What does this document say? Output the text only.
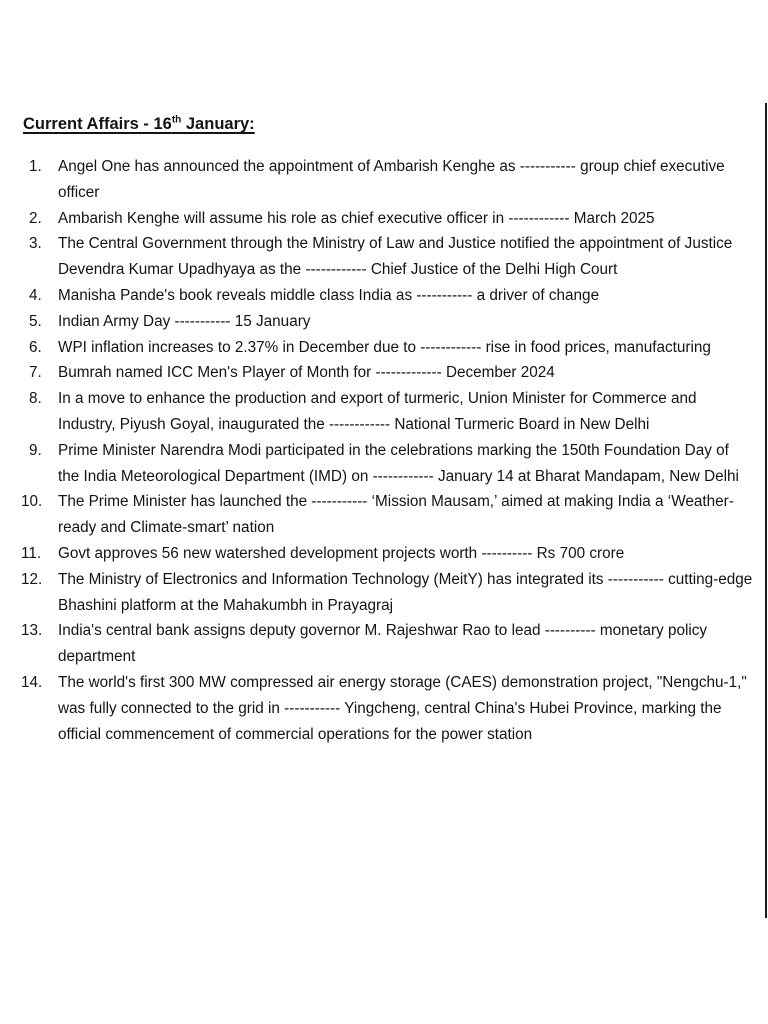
Current Affairs - 16th January:
1. Angel One has announced the appointment of Ambarish Kenghe as ----------- group chief executive officer
2. Ambarish Kenghe will assume his role as chief executive officer in ------------ March 2025
3. The Central Government through the Ministry of Law and Justice notified the appointment of Justice Devendra Kumar Upadhyaya as the ------------ Chief Justice of the Delhi High Court
4. Manisha Pande's book reveals middle class India as ----------- a driver of change
5. Indian Army Day ----------- 15 January
6. WPI inflation increases to 2.37% in December due to ------------ rise in food prices, manufacturing
7. Bumrah named ICC Men's Player of Month for ------------- December 2024
8. In a move to enhance the production and export of turmeric, Union Minister for Commerce and Industry, Piyush Goyal, inaugurated the ------------ National Turmeric Board in New Delhi
9. Prime Minister Narendra Modi participated in the celebrations marking the 150th Foundation Day of the India Meteorological Department (IMD) on ------------ January 14 at Bharat Mandapam, New Delhi
10. The Prime Minister has launched the ----------- ‘Mission Mausam,’ aimed at making India a ‘Weather-ready and Climate-smart’ nation
11. Govt approves 56 new watershed development projects worth ---------- Rs 700 crore
12. The Ministry of Electronics and Information Technology (MeitY) has integrated its ----------- cutting-edge Bhashini platform at the Mahakumbh in Prayagraj
13. India's central bank assigns deputy governor M. Rajeshwar Rao to lead ---------- monetary policy department
14. The world's first 300 MW compressed air energy storage (CAES) demonstration project, "Nengchu-1," was fully connected to the grid in ----------- Yingcheng, central China's Hubei Province, marking the official commencement of commercial operations for the power station
